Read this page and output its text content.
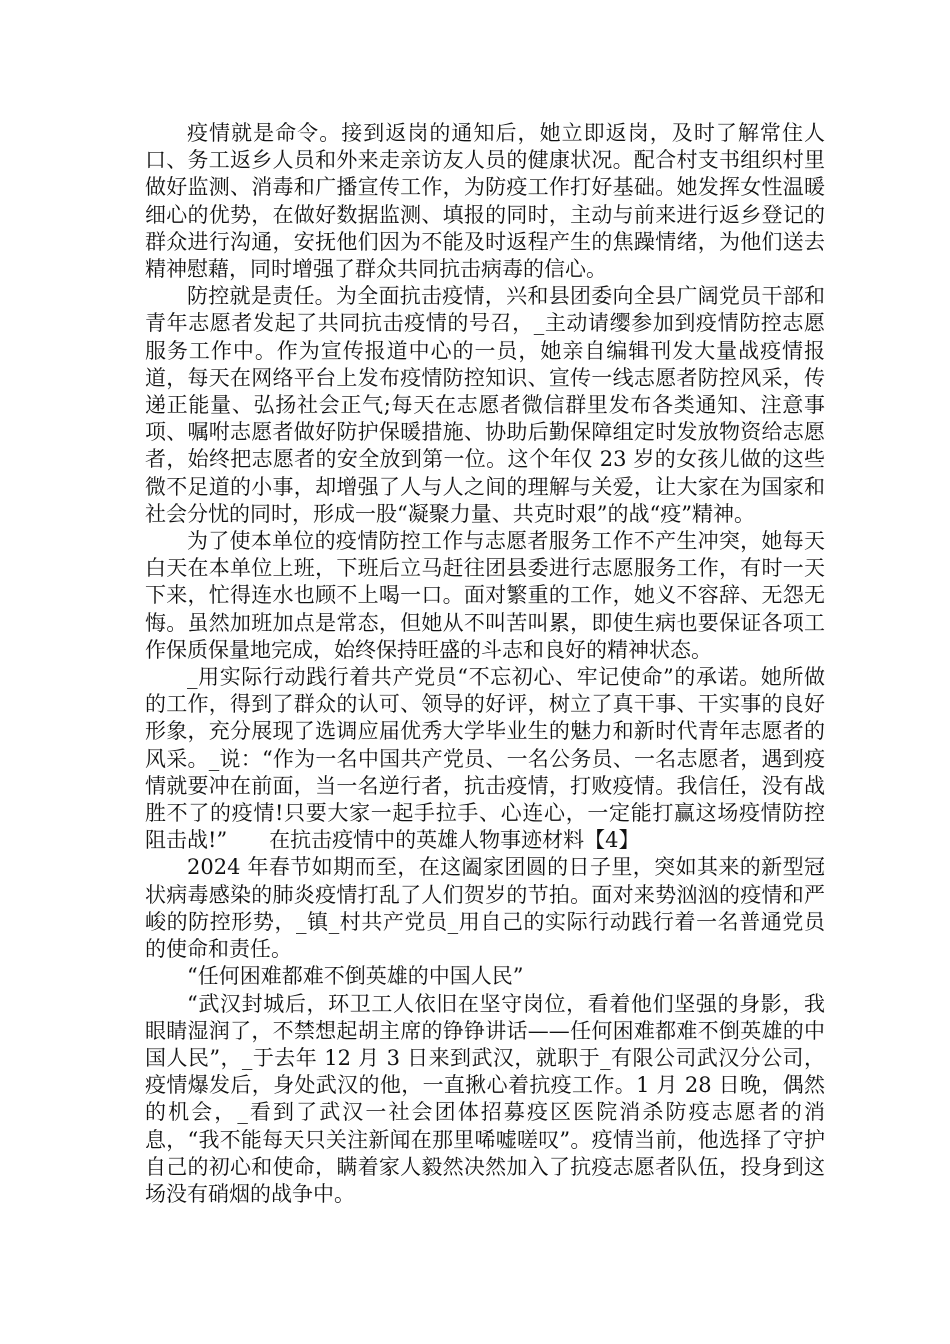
疫情就是命令。接到返岗的通知后，她立即返岗，及时了解常住人口、务工返乡人员和外来走亲访友人员的健康状况。配合村支书组织村里做好监测、消毒和广播宣传工作，为防疫工作打好基础。她发挥女性温暖细心的优势，在做好数据监测、填报的同时，主动与前来进行返乡登记的群众进行沟通，安抚他们因为不能及时返程产生的焦躁情绪，为他们送去精神慰藉，同时增强了群众共同抗击病毒的信心。

防控就是责任。为全面抗击疫情，兴和县团委向全县广阔党员干部和青年志愿者发起了共同抗击疫情的号召，_主动请缨参加到疫情防控志愿服务工作中。作为宣传报道中心的一员，她亲自编辑刊发大量战疫情报道，每天在网络平台上发布疫情防控知识、宣传一线志愿者防控风采，传递正能量、弘扬社会正气;每天在志愿者微信群里发布各类通知、注意事项、嘱咐志愿者做好防护保暖措施、协助后勤保障组定时发放物资给志愿者，始终把志愿者的安全放到第一位。这个年仅 23 岁的女孩儿做的这些微不足道的小事，却增强了人与人之间的理解与关爱，让大家在为国家和社会分忧的同时，形成一股“凝聚力量、共克时艰”的战“疫”精神。

为了使本单位的疫情防控工作与志愿者服务工作不产生冲突，她每天白天在本单位上班，下班后立马赶往团县委进行志愿服务工作，有时一天下来，忙得连水也顾不上喝一口。面对繁重的工作，她义不容辞、无怨无悔。虽然加班加点是常态，但她从不叫苦叫累，即使生病也要保证各项工作保质保量地完成，始终保持旺盛的斗志和良好的精神状态。

_用实际行动践行着共产党员“不忘初心、牢记使命”的承诺。她所做的工作，得到了群众的认可、领导的好评，树立了真干事、干实事的良好形象，充分展现了选调应届优秀大学毕业生的魅力和新时代青年志愿者的风采。_说：“作为一名中国共产党员、一名公务员、一名志愿者，遇到疫情就要冲在前面，当一名逆行者，抗击疫情，打败疫情。我信任，没有战胜不了的疫情!只要大家一起手拉手、心连心，一定能打赢这场疫情防控阻击战!”　　在抗击疫情中的英雄人物事迹材料【4】

2024 年春节如期而至，在这阖家团圆的日子里，突如其来的新型冠状病毒感染的肺炎疫情打乱了人们贺岁的节拍。面对来势汹汹的疫情和严峻的防控形势，_镇_村共产党员_用自己的实际行动践行着一名普通党员的使命和责任。

“任何困难都难不倒英雄的中国人民”

“武汉封城后，环卫工人依旧在坚守岗位，看着他们坚强的身影，我眼睛湿润了，不禁想起胡主席的铮铮讲话——任何困难都难不倒英雄的中国人民”，_于去年 12 月 3 日来到武汉，就职于_有限公司武汉分公司，疫情爆发后，身处武汉的他，一直揪心着抗疫工作。1 月 28 日晚，偶然的机会，_看到了武汉一社会团体招募疫区医院消杀防疫志愿者的消息，“我不能每天只关注新闻在那里唏嘘嗟叹”。疫情当前，他选择了守护自己的初心和使命，瞒着家人毅然决然加入了抗疫志愿者队伍，投身到这场没有硝烟的战争中。
